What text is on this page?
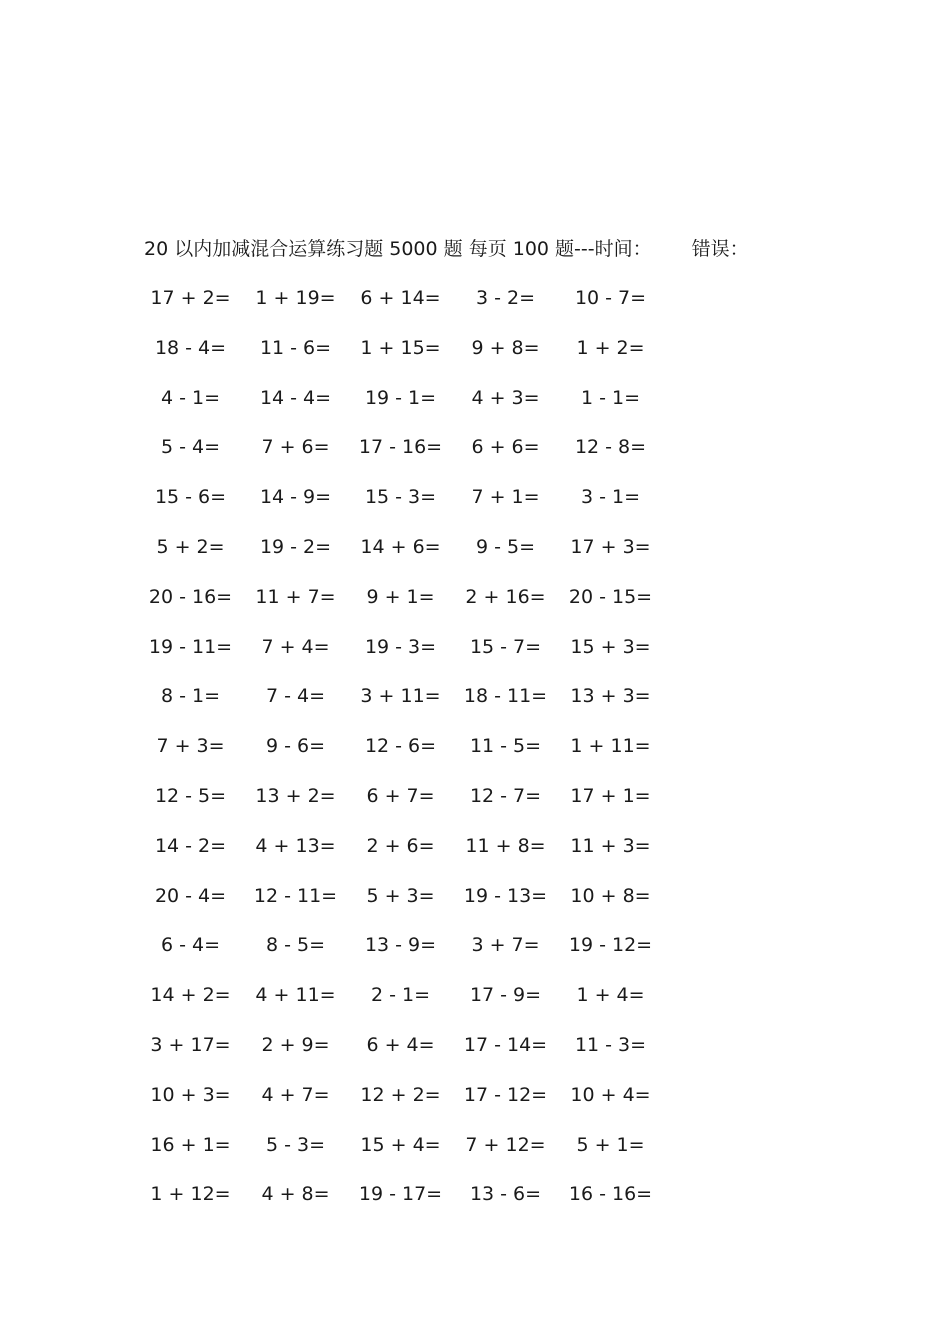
20 以内加减混合运算练习题 5000 题 每页 100 题---时间： 错误：
17 + 2=	1 + 19=	6 + 14=	3 - 2=	10 - 7=
18 - 4=	11 - 6=	1 + 15=	9 + 8=	1 + 2=
4 - 1=	14 - 4=	19 - 1=	4 + 3=	1 - 1=
5 - 4=	7 + 6=	17 - 16=	6 + 6=	12 - 8=
15 - 6=	14 - 9=	15 - 3=	7 + 1=	3 - 1=
5 + 2=	19 - 2=	14 + 6=	9 - 5=	17 + 3=
20 - 16=	11 + 7=	9 + 1=	2 + 16=	20 - 15=
19 - 11=	7 + 4=	19 - 3=	15 - 7=	15 + 3=
8 - 1=	7 - 4=	3 + 11=	18 - 11=	13 + 3=
7 + 3=	9 - 6=	12 - 6=	11 - 5=	1 + 11=
12 - 5=	13 + 2=	6 + 7=	12 - 7=	17 + 1=
14 - 2=	4 + 13=	2 + 6=	11 + 8=	11 + 3=
20 - 4=	12 - 11=	5 + 3=	19 - 13=	10 + 8=
6 - 4=	8 - 5=	13 - 9=	3 + 7=	19 - 12=
14 + 2=	4 + 11=	2 - 1=	17 - 9=	1 + 4=
3 + 17=	2 + 9=	6 + 4=	17 - 14=	11 - 3=
10 + 3=	4 + 7=	12 + 2=	17 - 12=	10 + 4=
16 + 1=	5 - 3=	15 + 4=	7 + 12=	5 + 1=
1 + 12=	4 + 8=	19 - 17=	13 - 6=	16 - 16=
